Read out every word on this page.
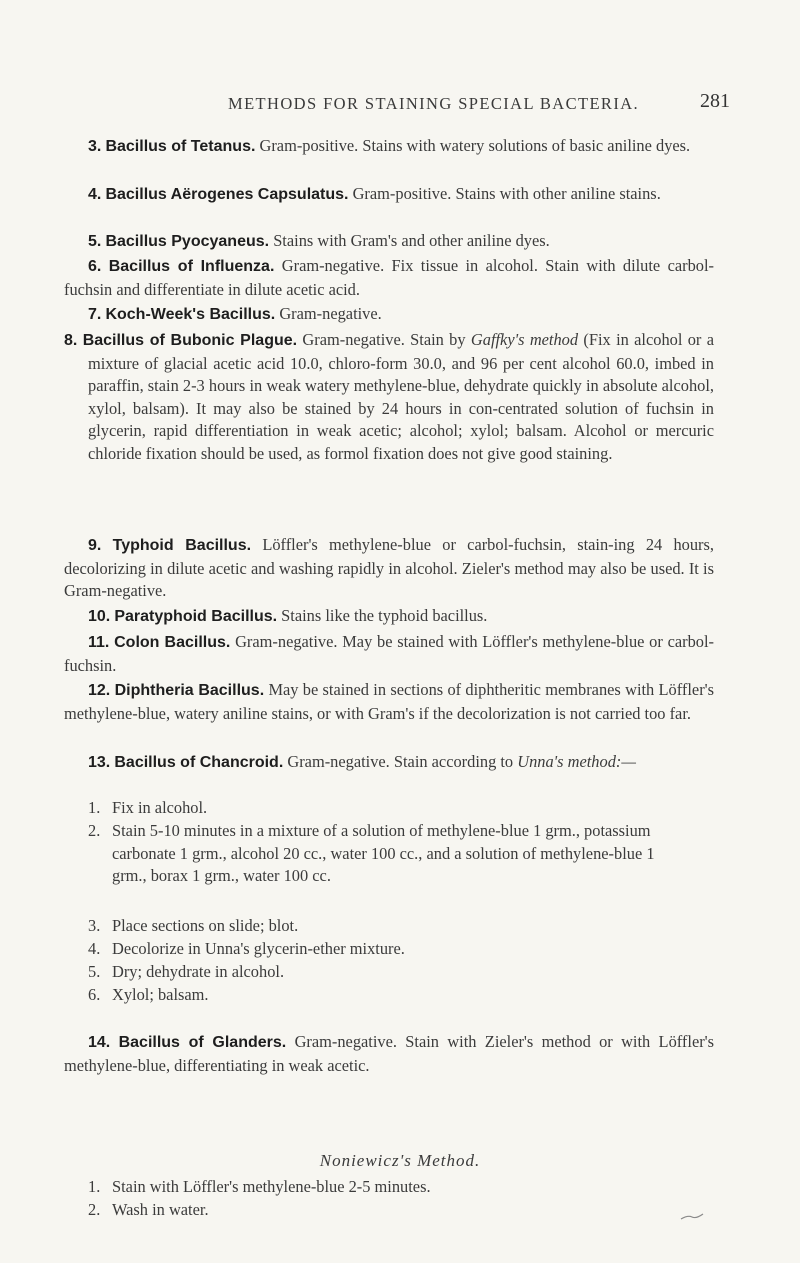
METHODS FOR STAINING SPECIAL BACTERIA.	281
3. Bacillus of Tetanus. Gram-positive. Stains with watery solutions of basic aniline dyes.
4. Bacillus Aërogenes Capsulatus. Gram-positive. Stains with other aniline stains.
5. Bacillus Pyocyaneus. Stains with Gram's and other aniline dyes.
6. Bacillus of Influenza. Gram-negative. Fix tissue in alcohol. Stain with dilute carbol-fuchsin and differentiate in dilute acetic acid.
7. Koch-Week's Bacillus. Gram-negative.
8. Bacillus of Bubonic Plague. Gram-negative. Stain by Gaffky's method (Fix in alcohol or a mixture of glacial acetic acid 10.0, chloro-form 30.0, and 96 per cent alcohol 60.0, imbed in paraffin, stain 2-3 hours in weak watery methylene-blue, dehydrate quickly in absolute alcohol, xylol, balsam). It may also be stained by 24 hours in con-centrated solution of fuchsin in glycerin, rapid differentiation in weak acetic; alcohol; xylol; balsam. Alcohol or mercuric chloride fixation should be used, as formol fixation does not give good staining.
9. Typhoid Bacillus. Löffler's methylene-blue or carbol-fuchsin, stain-ing 24 hours, decolorizing in dilute acetic and washing rapidly in alcohol. Zieler's method may also be used. It is Gram-negative.
10. Paratyphoid Bacillus. Stains like the typhoid bacillus.
11. Colon Bacillus. Gram-negative. May be stained with Löffler's methylene-blue or carbol-fuchsin.
12. Diphtheria Bacillus. May be stained in sections of diphtheritic membranes with Löffler's methylene-blue, watery aniline stains, or with Gram's if the decolorization is not carried too far.
13. Bacillus of Chancroid. Gram-negative. Stain according to Unna's method:—
1. Fix in alcohol.
2. Stain 5-10 minutes in a mixture of a solution of methylene-blue 1 grm., potassium carbonate 1 grm., alcohol 20 cc., water 100 cc., and a solution of methylene-blue 1 grm., borax 1 grm., water 100 cc.
3. Place sections on slide; blot.
4. Decolorize in Unna's glycerin-ether mixture.
5. Dry; dehydrate in alcohol.
6. Xylol; balsam.
14. Bacillus of Glanders. Gram-negative. Stain with Zieler's method or with Löffler's methylene-blue, differentiating in weak acetic.
Noniewicz's Method.
1. Stain with Löffler's methylene-blue 2-5 minutes.
2. Wash in water.
